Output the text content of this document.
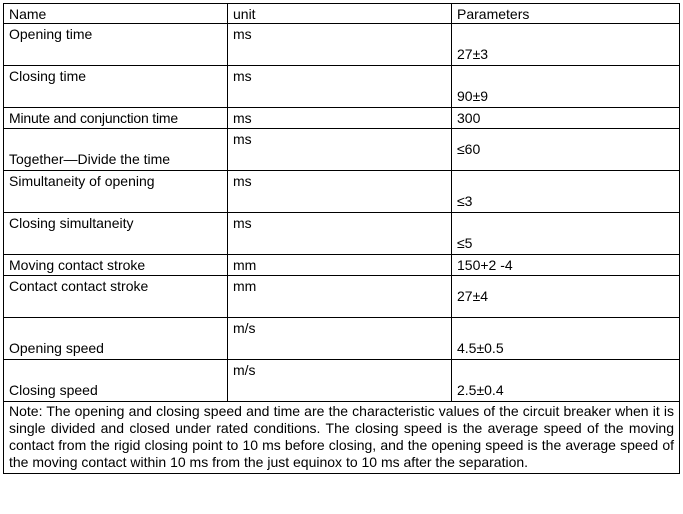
Name	unit	Parameters
Opening time	ms	27±3
Closing time	ms	90±9
Minute and conjunction time	ms	300
Together—Divide the time	ms	≤60
Simultaneity of opening	ms	≤3
Closing simultaneity	ms	≤5
Moving contact stroke	mm	150+2 -4
Contact contact stroke	mm	27±4
Opening speed	m/s	4.5±0.5
Closing speed	m/s	2.5±0.4
Note: The opening and closing speed and time are the characteristic values of the circuit breaker when it is single divided and closed under rated conditions. The closing speed is the average speed of the moving contact from the rigid closing point to 10 ms before closing, and the opening speed is the average speed of the moving contact within 10 ms from the just equinox to 10 ms after the separation.		
